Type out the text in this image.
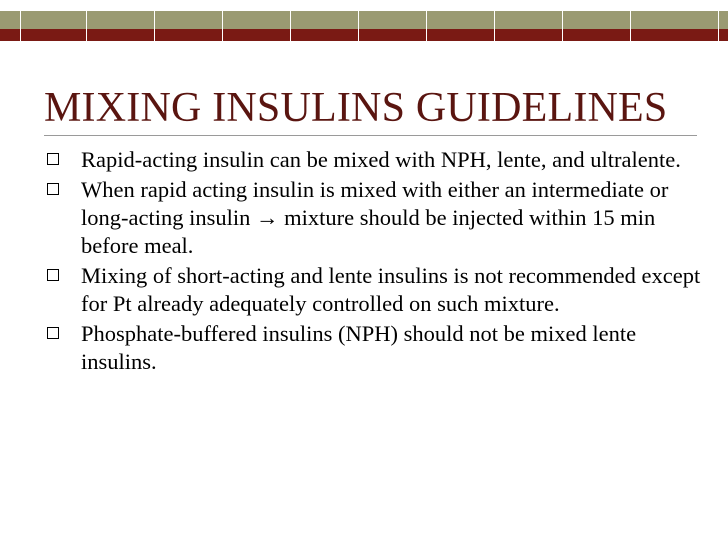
MIXING INSULINS GUIDELINES
Rapid-acting insulin can be mixed with NPH, lente, and ultralente.
When rapid acting insulin is mixed with either an intermediate or long-acting insulin → mixture should be injected within 15 min before meal.
Mixing of short-acting and lente insulins is not recommended except for Pt already adequately controlled on such mixture.
Phosphate-buffered insulins (NPH) should not be mixed lente insulins.
